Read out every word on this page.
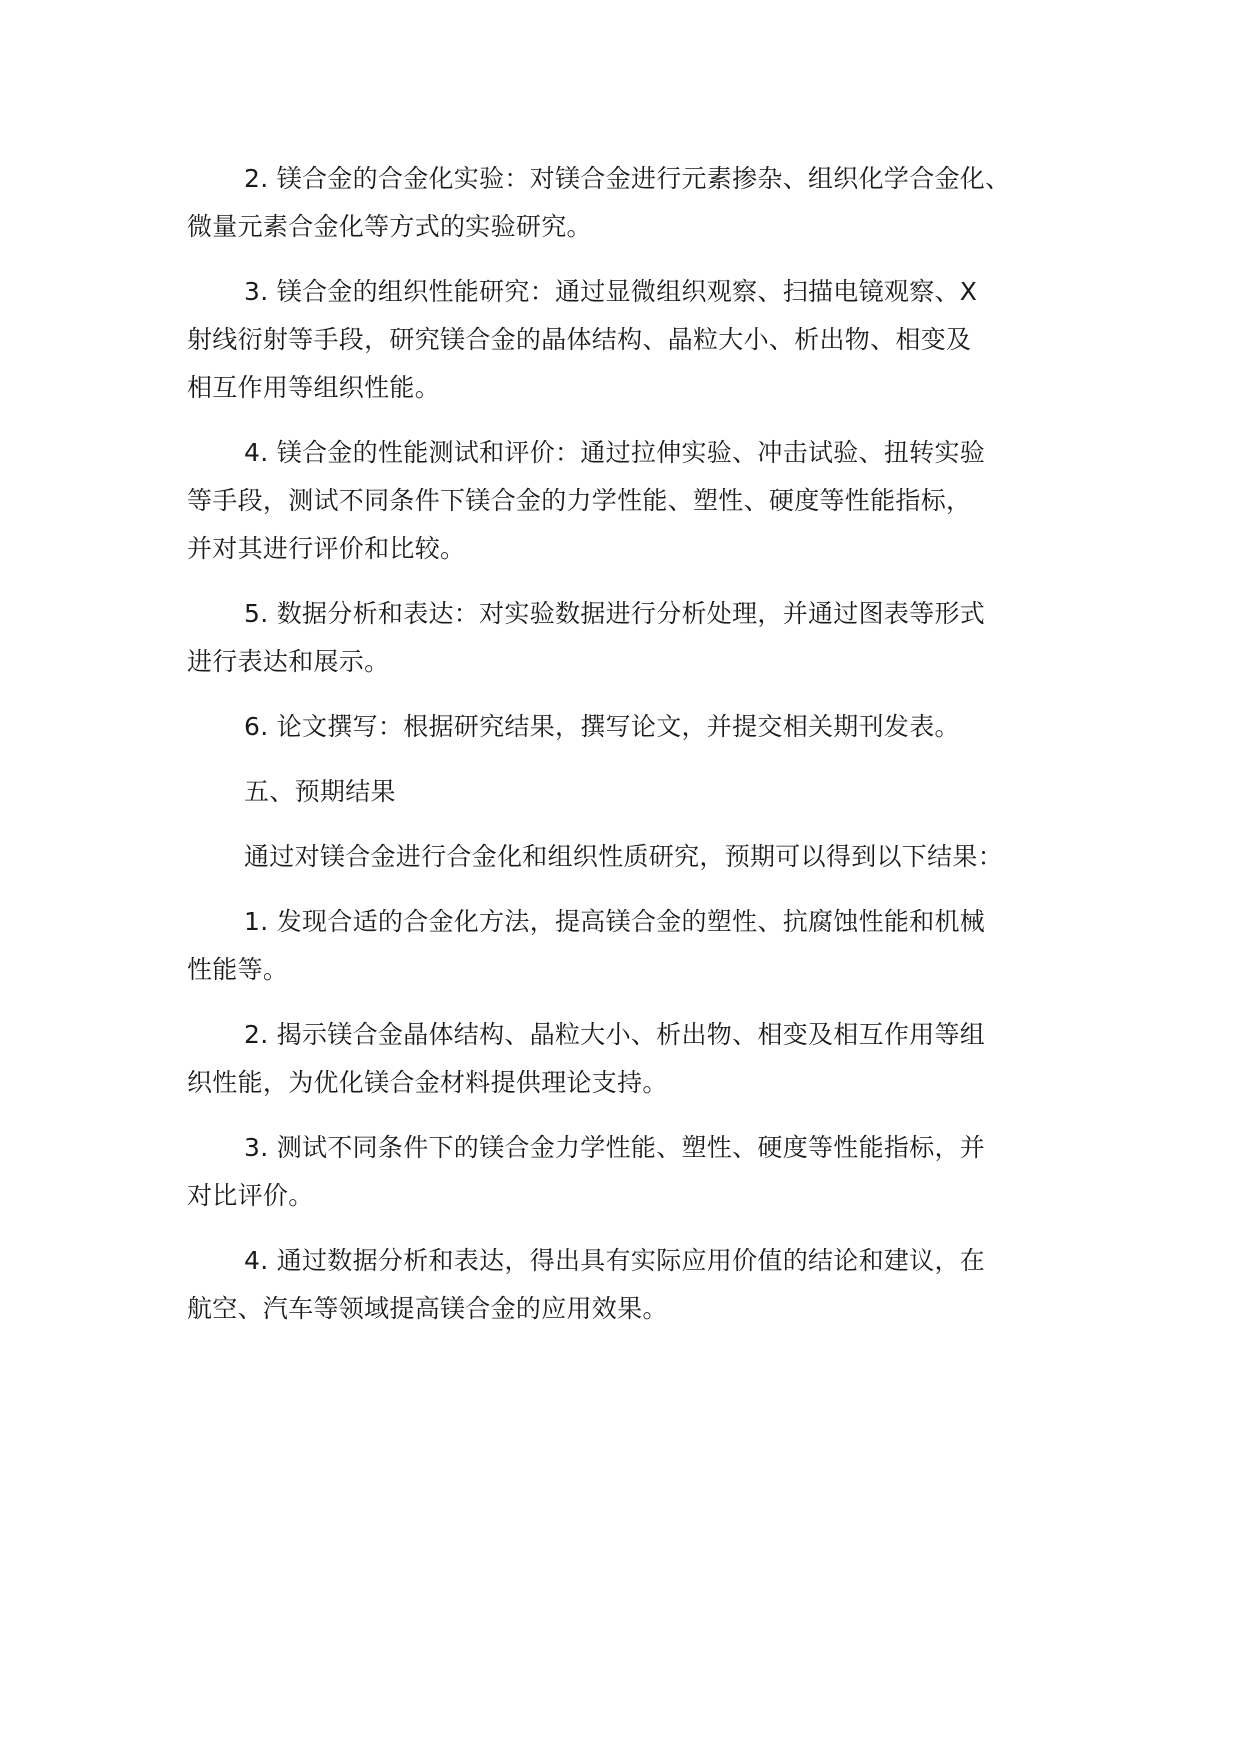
2. 镁合金的合金化实验：对镁合金进行元素掺杂、组织化学合金化、
微量元素合金化等方式的实验研究。

3. 镁合金的组织性能研究：通过显微组织观察、扫描电镜观察、X
射线衍射等手段，研究镁合金的晶体结构、晶粒大小、析出物、相变及
相互作用等组织性能。

4. 镁合金的性能测试和评价：通过拉伸实验、冲击试验、扭转实验
等手段，测试不同条件下镁合金的力学性能、塑性、硬度等性能指标，
并对其进行评价和比较。

5. 数据分析和表达：对实验数据进行分析处理，并通过图表等形式
进行表达和展示。

6. 论文撰写：根据研究结果，撰写论文，并提交相关期刊发表。

五、预期结果

通过对镁合金进行合金化和组织性质研究，预期可以得到以下结果：

1. 发现合适的合金化方法，提高镁合金的塑性、抗腐蚀性能和机械
性能等。

2. 揭示镁合金晶体结构、晶粒大小、析出物、相变及相互作用等组
织性能，为优化镁合金材料提供理论支持。

3. 测试不同条件下的镁合金力学性能、塑性、硬度等性能指标，并
对比评价。

4. 通过数据分析和表达，得出具有实际应用价值的结论和建议，在
航空、汽车等领域提高镁合金的应用效果。
